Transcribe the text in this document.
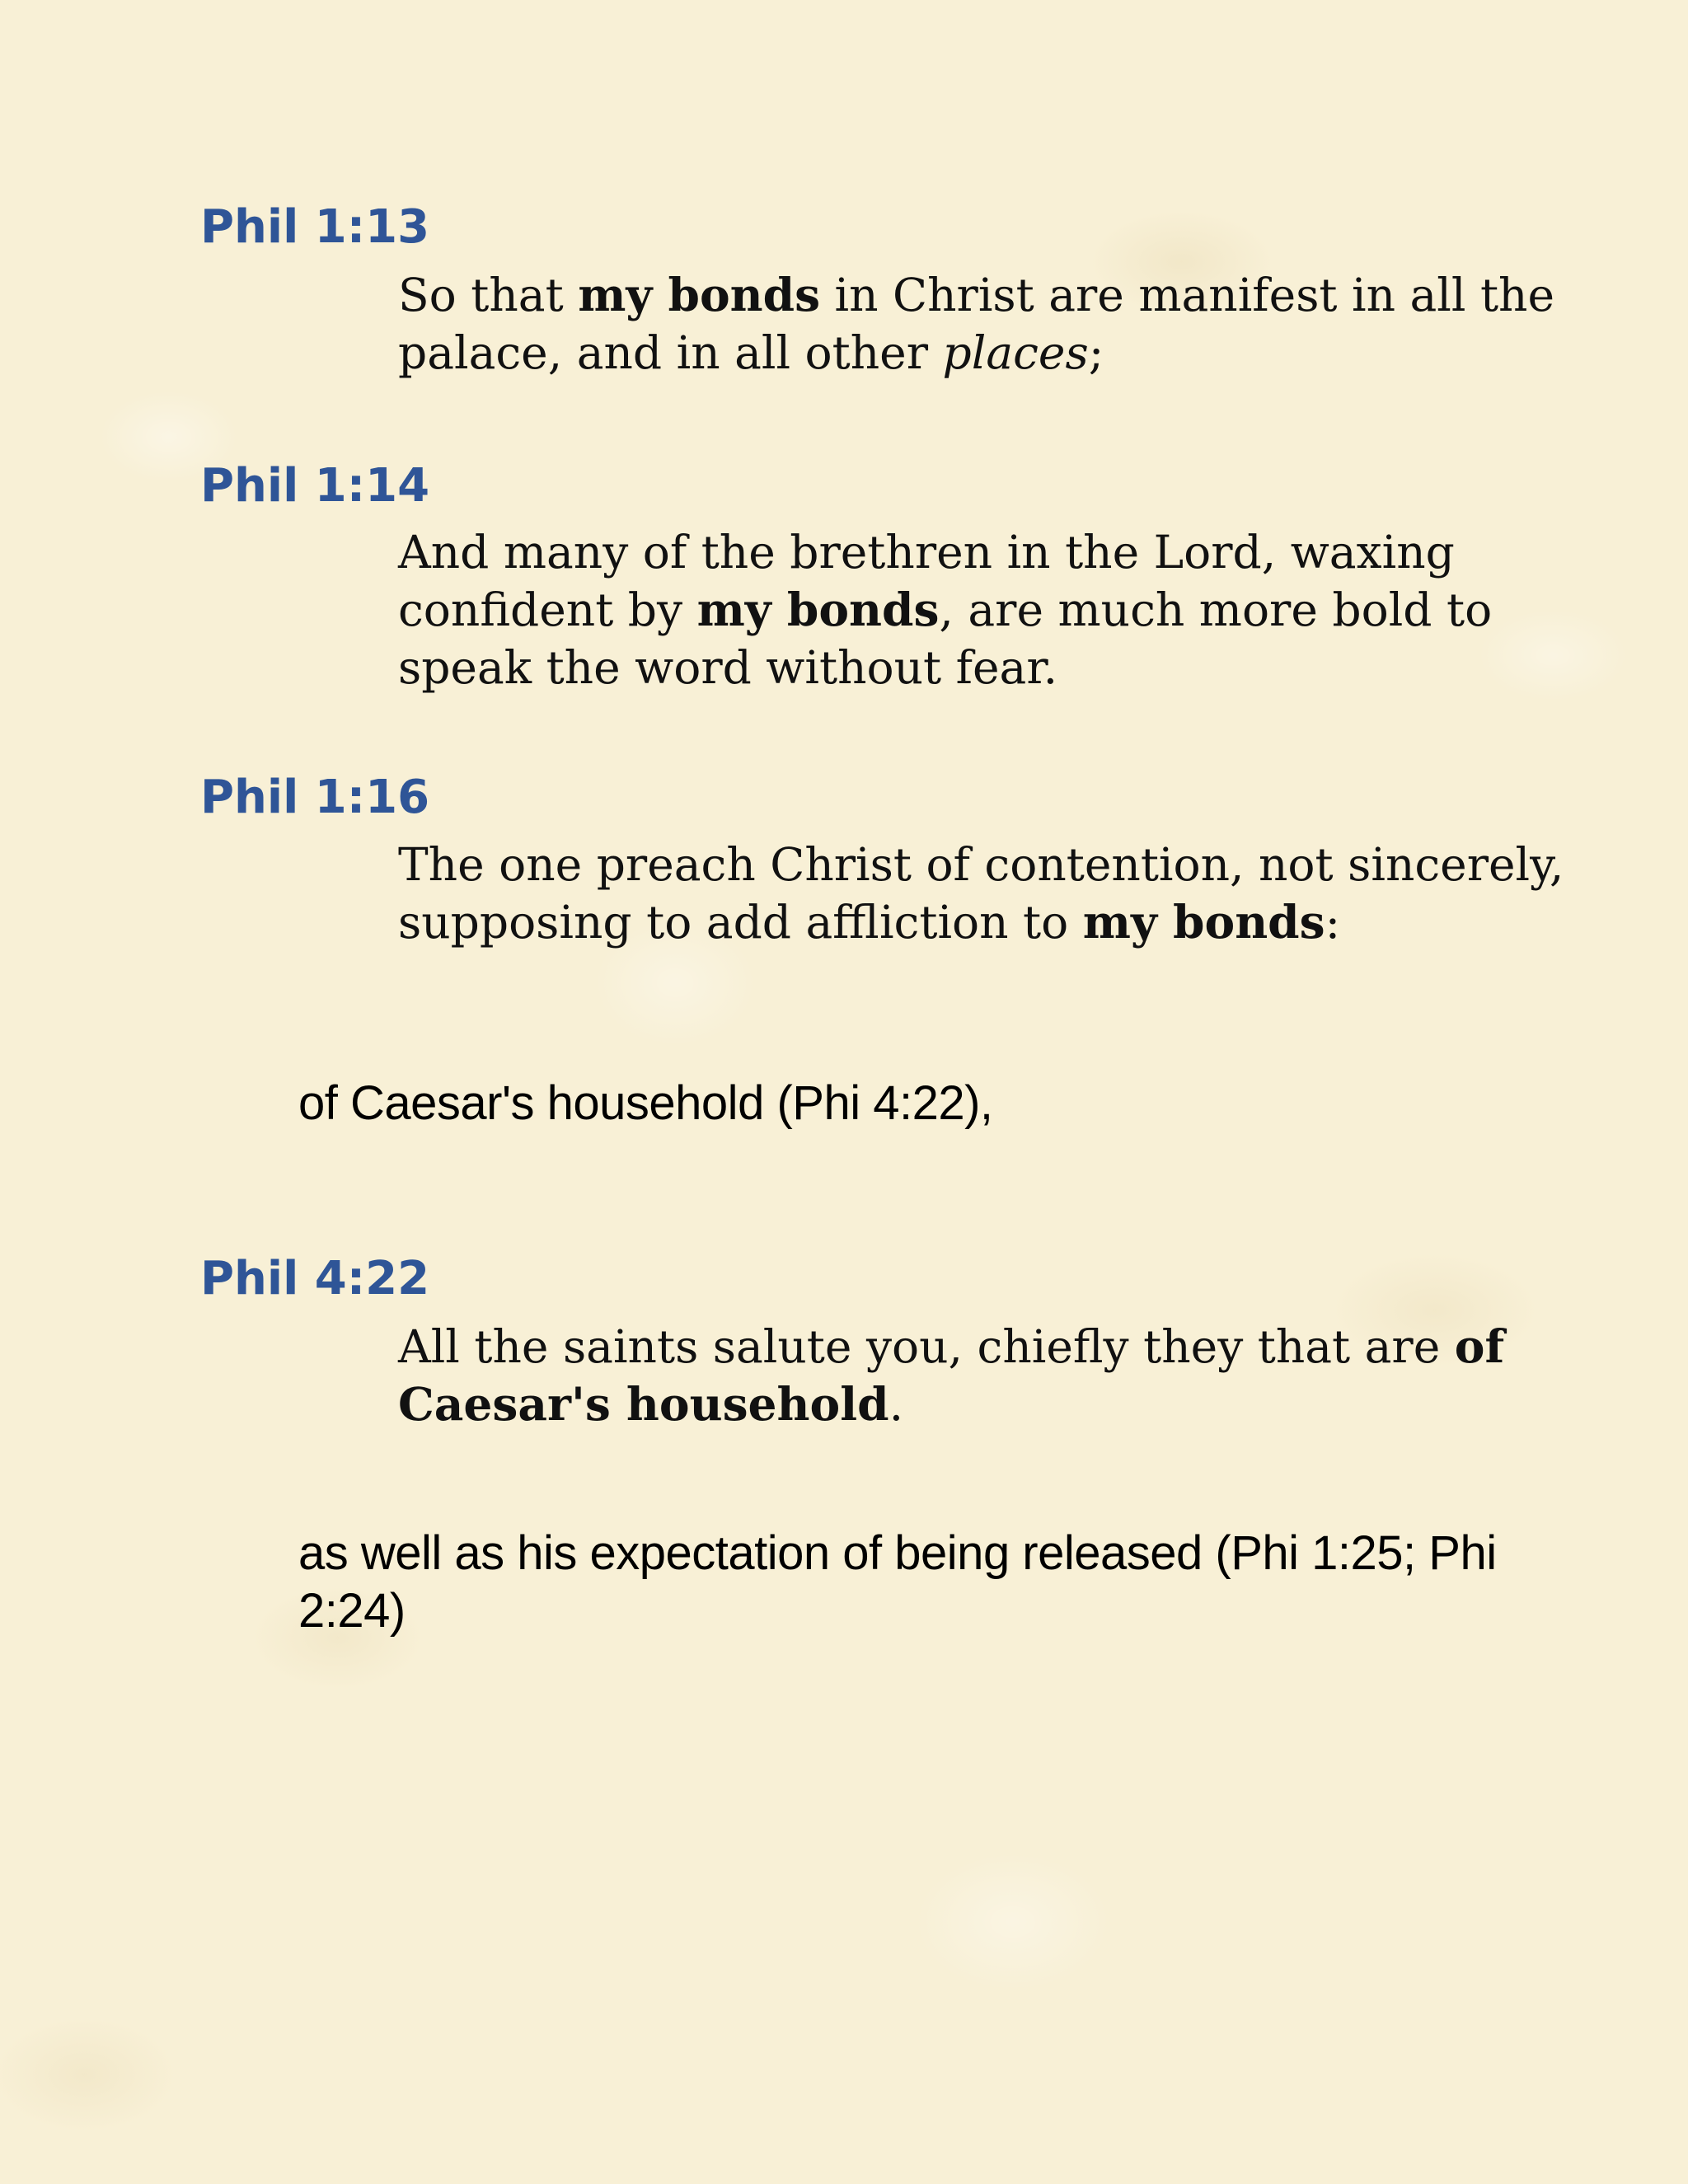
Phil 1:13

So that my bonds in Christ are manifest in all the palace, and in all other places;

Phil 1:14

And many of the brethren in the Lord, waxing confident by my bonds, are much more bold to speak the word without fear.

Phil 1:16

The one preach Christ of contention, not sincerely, supposing to add affliction to my bonds:

of Caesar's household (Phi 4:22),

Phil 4:22

All the saints salute you, chiefly they that are of Caesar's household.

as well as his expectation of being released (Phi 1:25; Phi 2:24)
